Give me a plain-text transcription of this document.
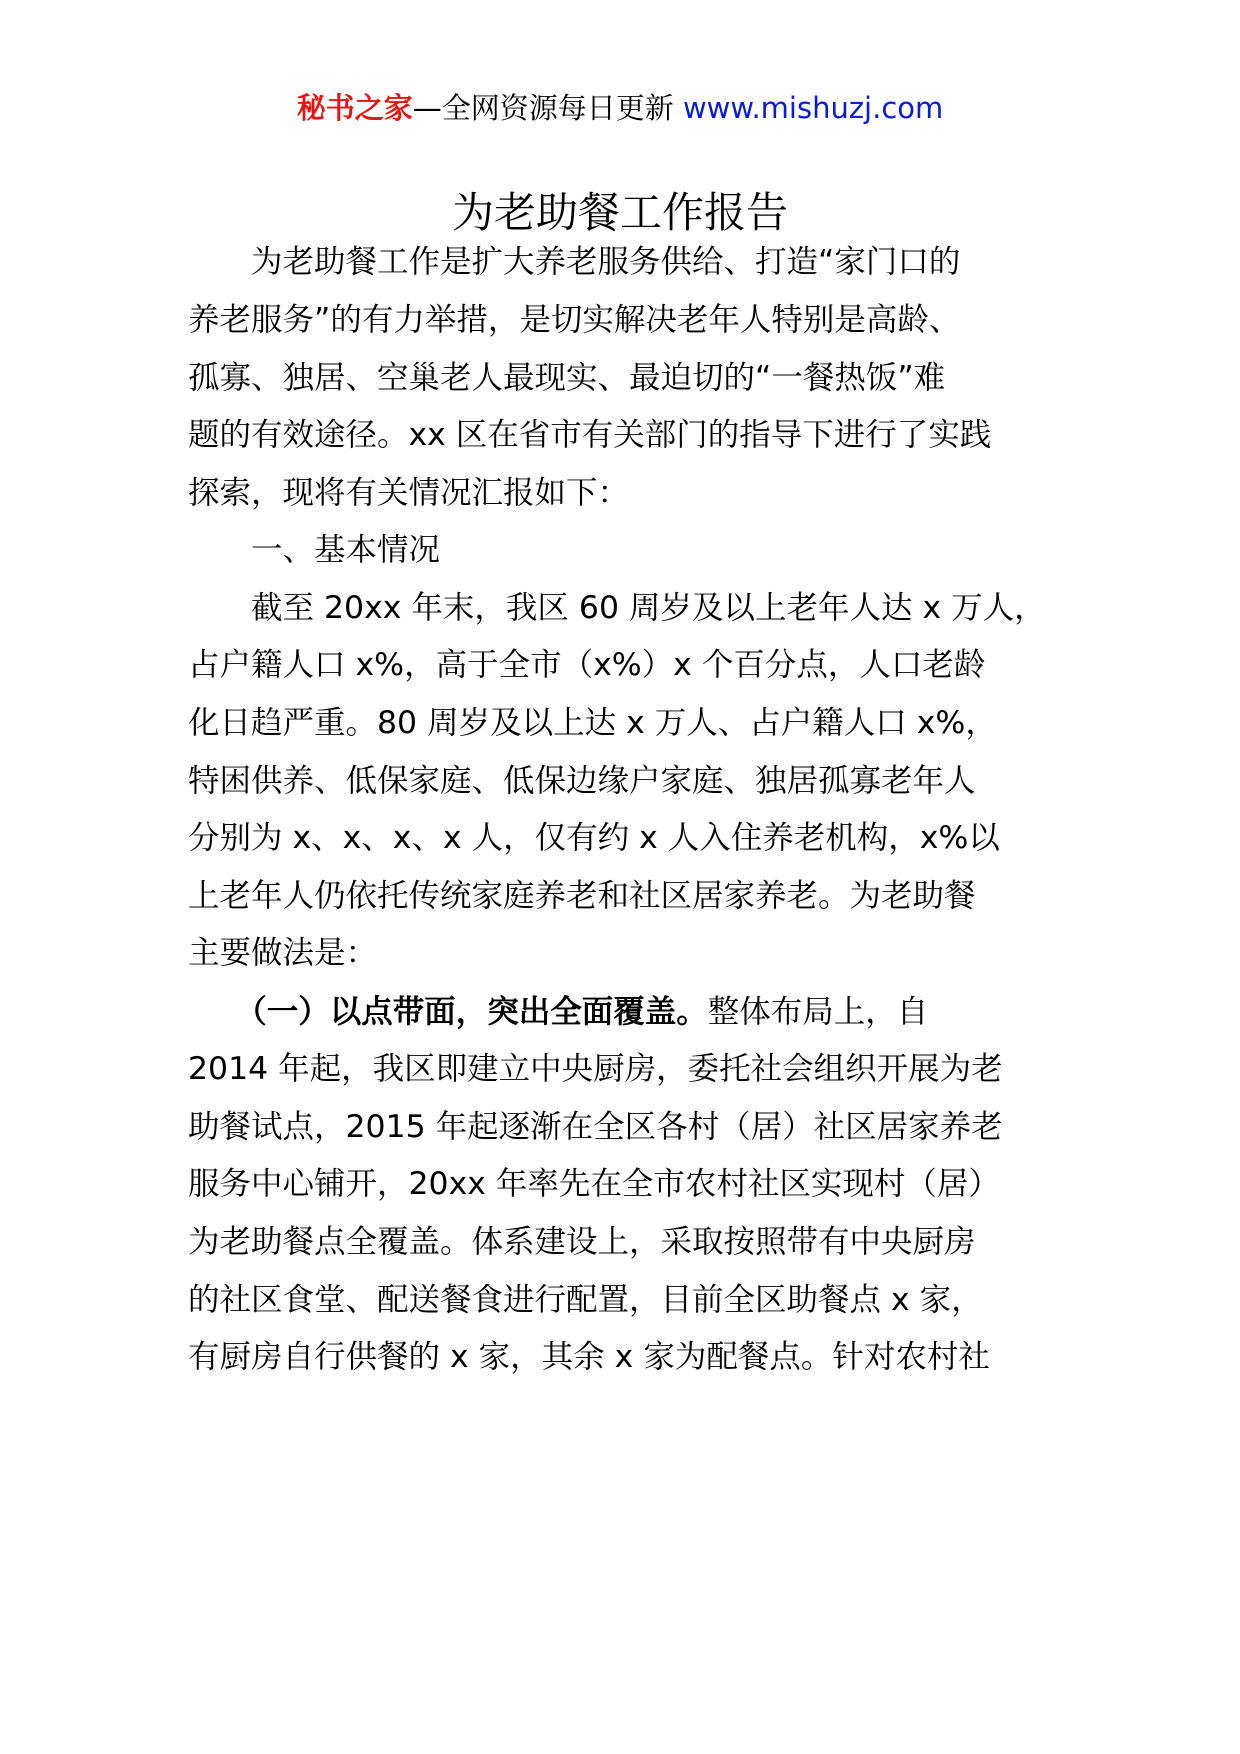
秘书之家—全网资源每日更新 www.mishuzj.com
为老助餐工作报告
　　为老助餐工作是扩大养老服务供给、打造“家门口的
养老服务”的有力举措，是切实解决老年人特别是高龄、
孤寡、独居、空巢老人最现实、最迫切的“一餐热饭”难
题的有效途径。xx 区在省市有关部门的指导下进行了实践
探索，现将有关情况汇报如下：
　　一、基本情况
　　截至 20xx 年末，我区 60 周岁及以上老年人达 x 万人，
占户籍人口 x%，高于全市（x%）x 个百分点，人口老龄
化日趋严重。80 周岁及以上达 x 万人、占户籍人口 x%，
特困供养、低保家庭、低保边缘户家庭、独居孤寡老年人
分别为 x、x、x、x 人，仅有约 x 人入住养老机构，x%以
上老年人仍依托传统家庭养老和社区居家养老。为老助餐
主要做法是：
　　（一）以点带面，突出全面覆盖。整体布局上，自
2014 年起，我区即建立中央厨房，委托社会组织开展为老
助餐试点，2015 年起逐渐在全区各村（居）社区居家养老
服务中心铺开，20xx 年率先在全市农村社区实现村（居）
为老助餐点全覆盖。体系建设上，采取按照带有中央厨房
的社区食堂、配送餐食进行配置，目前全区助餐点 x 家，
有厨房自行供餐的 x 家，其余 x 家为配餐点。针对农村社
